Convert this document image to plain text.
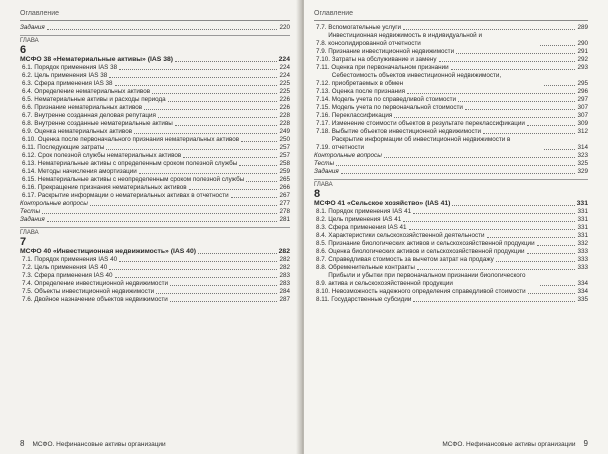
Оглавление
Задания	220
ГЛАВА
6
МСФО 38 «Нематериальные активы» (IAS 38)	224
6.1. Порядок применения IAS 38	224
6.2. Цель применения IAS 38	224
6.3. Сфера применения IAS 38	225
6.4. Определение нематериальных активов	225
6.5. Нематериальные активы и расходы периода	226
6.6. Признание нематериальных активов	226
6.7. Внутренне созданная деловая репутация	228
6.8. Внутренне созданные нематериальные активы	228
6.9. Оценка нематериальных активов	249
6.10. Оценка после первоначального признания нематериальных активов	250
6.11. Последующие затраты	257
6.12. Срок полезной службы нематериальных активов	257
6.13. Нематериальные активы с определенным сроком полезной службы	258
6.14. Методы начисления амортизации	259
6.15. Нематериальные активы с неопределенным сроком полезной службы	265
6.16. Прекращение признания нематериальных активов	266
6.17. Раскрытие информации о нематериальных активах в отчетности	267
Контрольные вопросы	277
Тесты	278
Задания	281
ГЛАВА
7
МСФО 40 «Инвестиционная недвижимость» (IAS 40)	282
7.1. Порядок применения IAS 40	282
7.2. Цель применения IAS 40	282
7.3. Сфера применения IAS 40	283
7.4. Определение инвестиционной недвижимости	283
7.5. Объекты инвестиционной недвижимости	284
7.6. Двойное назначение объектов недвижимости	287
8 МСФО. Нефинансовые активы организации
Оглавление
7.7. Вспомогательные услуги	289
7.8.
Инвестиционная недвижимость в индивидуальной и консолидированной отчетности	290
7.9. Признание инвестиционной недвижимости	291
7.10. Затраты на обслуживание и замену	292
7.11. Оценка при первоначальном признании	293
7.12.
Себестоимость объектов инвестиционной недвижимости, приобретаемых в обмен	295
7.13. Оценка после признания	296
7.14. Модель учета по справедливой стоимости	297
7.15. Модель учета по первоначальной стоимости	307
7.16. Переклассификация	307
7.17. Изменение стоимости объектов в результате переклассификации	309
7.18. Выбытие объектов инвестиционной недвижимости	312
7.19.
Раскрытие информации об инвестиционной недвижимости в отчетности	314
Контрольные вопросы	323
Тесты	325
Задания	329
ГЛАВА
8
МСФО 41 «Сельское хозяйство» (IAS 41)	331
8.1. Порядок применения IAS 41	331
8.2. Цель применения IAS 41	331
8.3. Сфера применения IAS 41	331
8.4. Характеристики сельскохозяйственной деятельности	331
8.5. Признание биологических активов и сельскохозяйственной продукции	332
8.6. Оценка биологических активов и сельскохозяйственной продукции	333
8.7. Справедливая стоимость за вычетом затрат на продажу	333
8.8. Обременительные контракты	333
8.9.
Прибыли и убытки при первоначальном признании биологического актива и сельскохозяйственной продукции	334
8.10. Невозможность надежного определения справедливой стоимости	334
8.11. Государственные субсидии	335
МСФО. Нефинансовые активы организации 9
